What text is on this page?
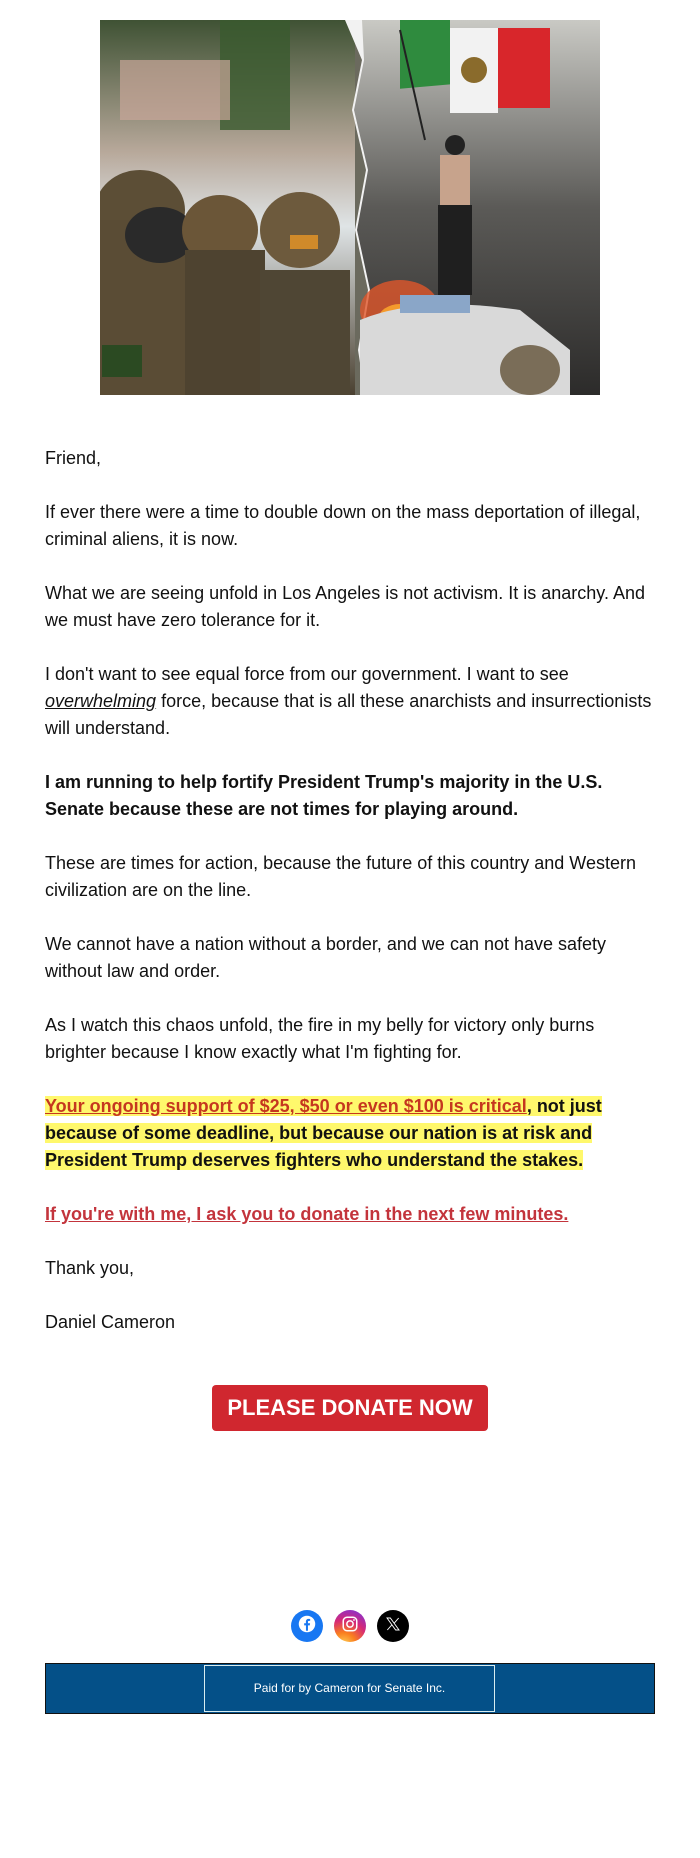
Friend,

If ever there were a time to double down on the mass deportation of illegal, criminal aliens, it is now.

What we are seeing unfold in Los Angeles is not activism. It is anarchy. And we must have zero tolerance for it.

I don't want to see equal force from our government. I want to see overwhelming force, because that is all these anarchists and insurrectionists will understand.

I am running to help fortify President Trump's majority in the U.S. Senate because these are not times for playing around.

These are times for action, because the future of this country and Western civilization are on the line.

We cannot have a nation without a border, and we can not have safety without law and order.

As I watch this chaos unfold, the fire in my belly for victory only burns brighter because I know exactly what I'm fighting for.

Your ongoing support of $25, $50 or even $100 is critical, not just because of some deadline, but because our nation is at risk and President Trump deserves fighters who understand the stakes.

If you're with me, I ask you to donate in the next few minutes.

Thank you,

Daniel Cameron

PLEASE DONATE NOW
Paid for by Cameron for Senate Inc.
